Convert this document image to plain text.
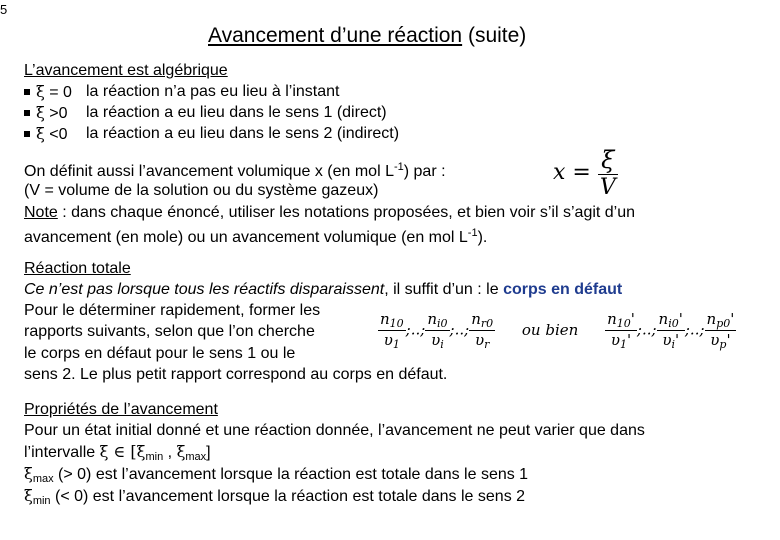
5
Avancement d’une réaction (suite)
L’avancement est algébrique
ξ = 0 la réaction n’a pas eu lieu à l’instant
ξ >0 la réaction a eu lieu dans le sens 1 (direct)
ξ <0 la réaction a eu lieu dans le sens 2 (indirect)
On définit aussi l’avancement volumique x (en mol $L^{-1}$) par :	$x = \frac{\xi}{V}$
(V = volume de la solution ou du système gazeux)
Note : dans chaque énoncé, utiliser les notations proposées, et bien voir s’il s’agit d’un
avancement (en mole) ou un avancement volumique (en mol $L^{-1}$).
Réaction totale
Ce n’est pas lorsque tous les réactifs disparaissent, il suffit d’un : le corps en défaut
Pour le déterminer rapidement, former les
rapports suivants, selon que l’on cherche
le corps en défaut pour le sens 1 ou le
sens 2. Le plus petit rapport correspond au corps en défaut.
$\frac{n_{10}}{\upsilon_1}$ ;..; $\frac{n_{i0}}{\upsilon_i}$ ;..; $\frac{n_{r0}}{\upsilon_r}$ ou bien $\frac{n_{10}'}{\upsilon_1'}$ ;..; $\frac{n_{i0}'}{\upsilon_i'}$ ;..; $\frac{n_{p0}'}{\upsilon_p'}$
Propriétés de l’avancement
Pour un état initial donné et une réaction donnée, l’avancement ne peut varier que dans
l’intervalle ξ ∈ [$\xi_{min}$ , $\xi_{max}$]
$\xi_{max}$ (> 0) est l’avancement lorsque la réaction est totale dans le sens 1
$\xi_{min}$ (< 0) est l’avancement lorsque la réaction est totale dans le sens 2
